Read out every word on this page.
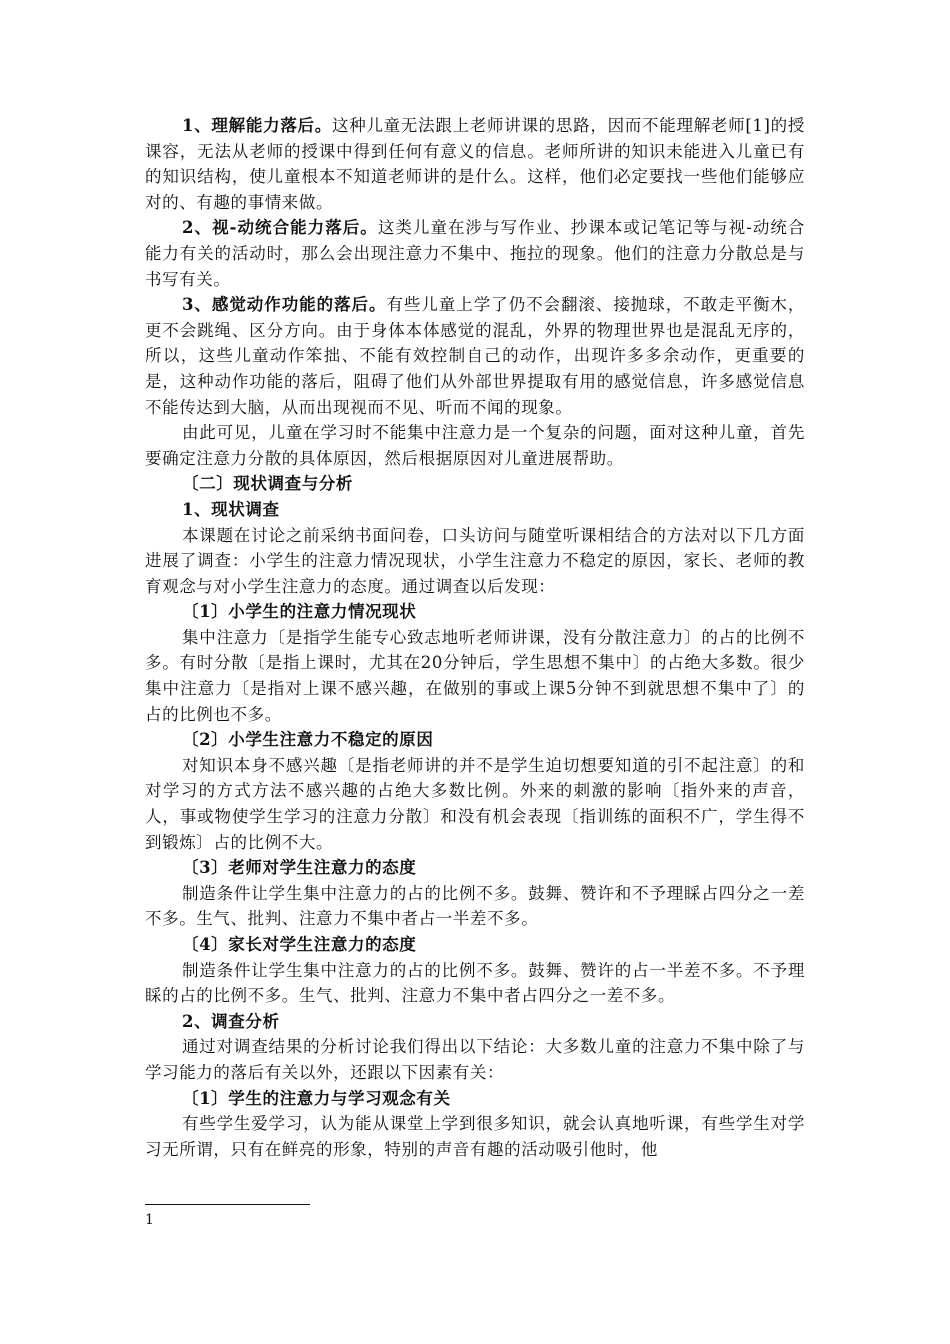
1、理解能力落后。这种儿童无法跟上老师讲课的思路，因而不能理解老师[1]的授课容，无法从老师的授课中得到任何有意义的信息。老师所讲的知识未能进入儿童已有的知识结构，使儿童根本不知道老师讲的是什么。这样，他们必定要找一些他们能够应对的、有趣的事情来做。

2、视-动统合能力落后。这类儿童在涉与写作业、抄课本或记笔记等与视-动统合能力有关的活动时，那么会出现注意力不集中、拖拉的现象。他们的注意力分散总是与书写有关。

3、感觉动作功能的落后。有些儿童上学了仍不会翻滚、接抛球，不敢走平衡木，更不会跳绳、区分方向。由于身体本体感觉的混乱，外界的物理世界也是混乱无序的，所以，这些儿童动作笨拙、不能有效控制自己的动作，出现许多多余动作，更重要的是，这种动作功能的落后，阻碍了他们从外部世界提取有用的感觉信息，许多感觉信息不能传达到大脑，从而出现视而不见、听而不闻的现象。

由此可见，儿童在学习时不能集中注意力是一个复杂的问题，面对这种儿童，首先要确定注意力分散的具体原因，然后根据原因对儿童进展帮助。

〔二〕现状调查与分析

1、现状调查

本课题在讨论之前采纳书面问卷，口头访问与随堂听课相结合的方法对以下几方面进展了调查：小学生的注意力情况现状，小学生注意力不稳定的原因，家长、老师的教育观念与对小学生注意力的态度。通过调查以后发现：

〔1〕小学生的注意力情况现状

集中注意力〔是指学生能专心致志地听老师讲课，没有分散注意力〕的占的比例不多。有时分散〔是指上课时，尤其在20分钟后，学生思想不集中〕的占绝大多数。很少集中注意力〔是指对上课不感兴趣，在做别的事或上课5分钟不到就思想不集中了〕的占的比例也不多。

〔2〕小学生注意力不稳定的原因

对知识本身不感兴趣〔是指老师讲的并不是学生迫切想要知道的引不起注意〕的和对学习的方式方法不感兴趣的占绝大多数比例。外来的刺激的影响〔指外来的声音，人，事或物使学生学习的注意力分散〕和没有机会表现〔指训练的面积不广，学生得不到锻炼〕占的比例不大。

〔3〕老师对学生注意力的态度

制造条件让学生集中注意力的占的比例不多。鼓舞、赞许和不予理睬占四分之一差不多。生气、批判、注意力不集中者占一半差不多。

〔4〕家长对学生注意力的态度

制造条件让学生集中注意力的占的比例不多。鼓舞、赞许的占一半差不多。不予理睬的占的比例不多。生气、批判、注意力不集中者占四分之一差不多。

2、调查分析

通过对调查结果的分析讨论我们得出以下结论：大多数儿童的注意力不集中除了与学习能力的落后有关以外，还跟以下因素有关：

〔1〕学生的注意力与学习观念有关

有些学生爱学习，认为能从课堂上学到很多知识，就会认真地听课，有些学生对学习无所谓，只有在鲜亮的形象，特别的声音有趣的活动吸引他时，他

1
